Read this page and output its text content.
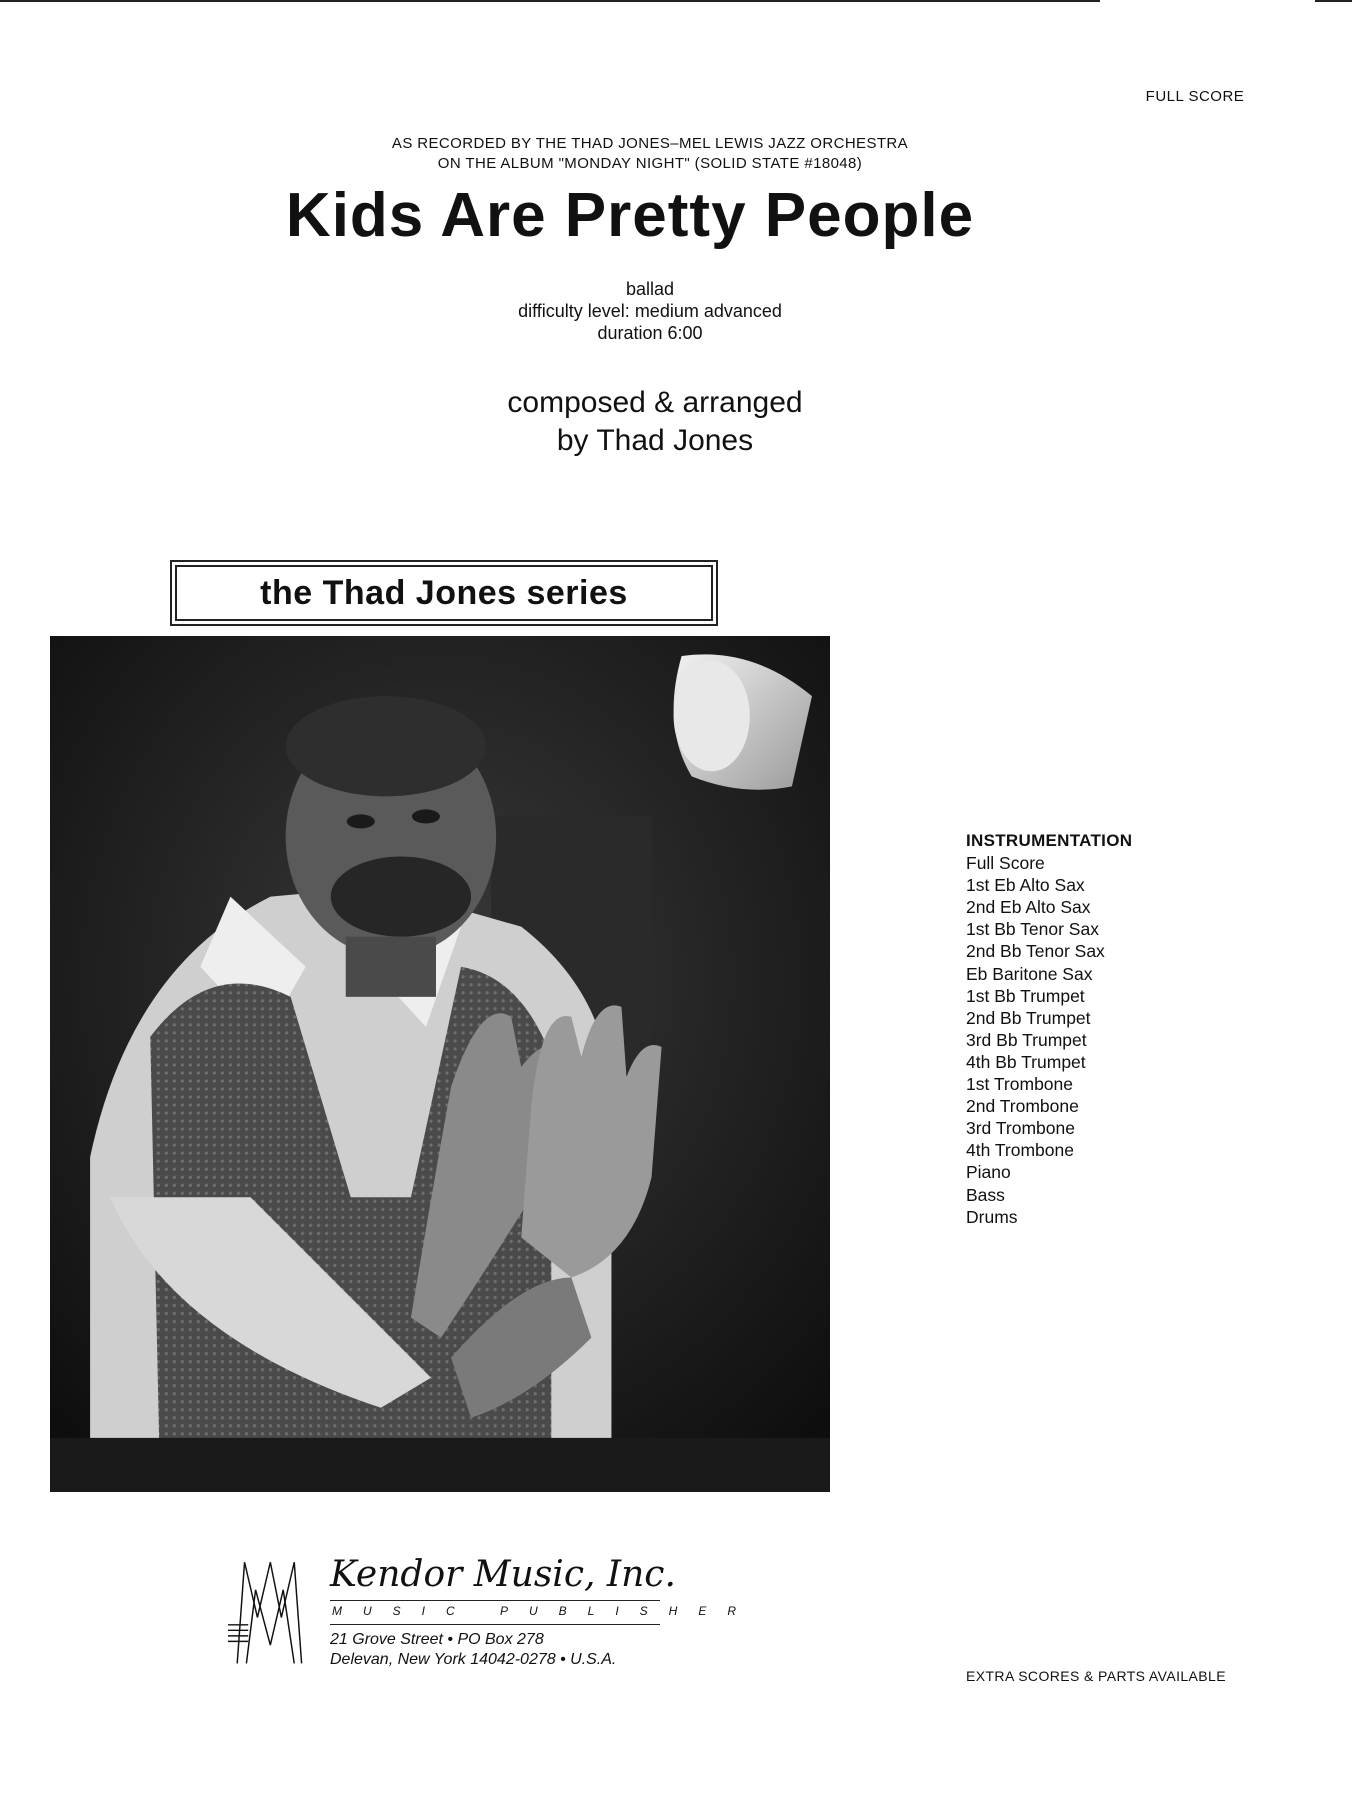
FULL SCORE
AS RECORDED BY THE THAD JONES–MEL LEWIS JAZZ ORCHESTRA
ON THE ALBUM "MONDAY NIGHT" (SOLID STATE #18048)
Kids Are Pretty People
ballad
difficulty level: medium advanced
duration 6:00
composed & arranged
by Thad Jones
the Thad Jones series
INSTRUMENTATION
Full Score
1st Eb Alto Sax
2nd Eb Alto Sax
1st Bb Tenor Sax
2nd Bb Tenor Sax
Eb Baritone Sax
1st Bb Trumpet
2nd Bb Trumpet
3rd Bb Trumpet
4th Bb Trumpet
1st Trombone
2nd Trombone
3rd Trombone
4th Trombone
Piano
Bass
Drums
Kendor Music, Inc.
MUSIC PUBLISHER
21 Grove Street • PO Box 278
Delevan, New York 14042-0278 • U.S.A.
EXTRA SCORES & PARTS AVAILABLE
